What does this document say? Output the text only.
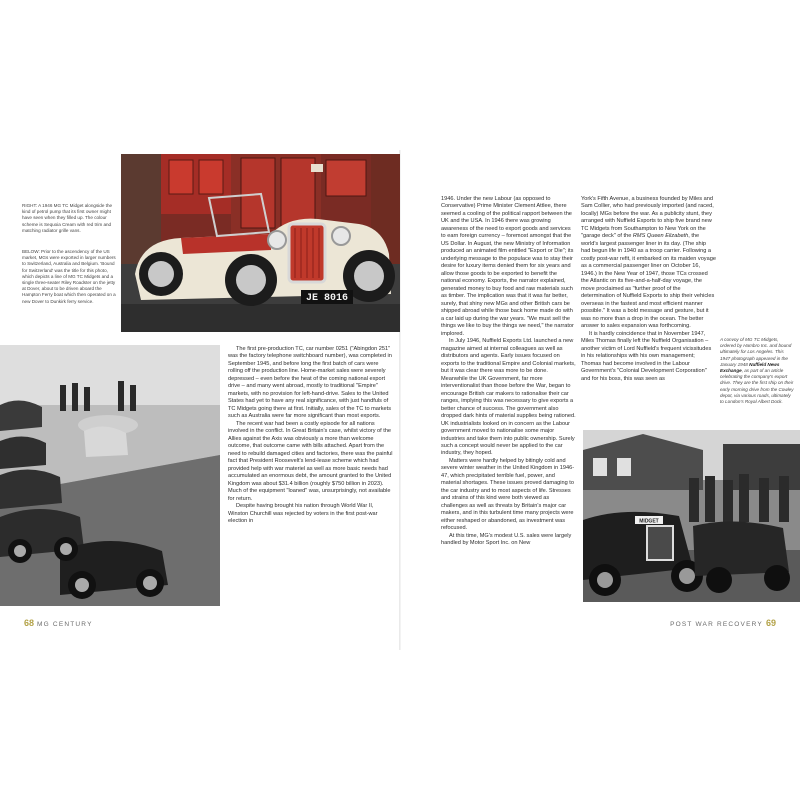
JE 8016
MIDGET
RIGHT: A 1946 MG TC Midget alongside the kind of petrol pump that its first owner might have seen when they filled up. The colour scheme is Sequoia Cream with red trim and matching radiator grille vans.
BELOW: Prior to the ascendency of the US market, MGs were exported in larger numbers to Switzerland, Australia and Belgium. 'Bound for Switzerland' was the title for this photo, which depicts a line of MG TC Midgets and a single three-seater Riley Roadster on the jetty at Dover, about to be driven aboard the Hampton Ferry boat which then operated on a new Dover to Dunkirk ferry service.
A convoy of MG TC Midgets, ordered by Hambro Inc. and bound ultimately for Los Angeles. This 1947 photograph appeared in the January 1948 Nuffield News Exchange, as part of an article celebrating the company's export drive. They are the first ship on their early morning drive from the Cowley depot, via various roads, ultimately to London's Royal Albert Dock.

The first pre-production TC, car number 0251 ("Abingdon 251" was the factory telephone switchboard number), was completed in September 1945, and before long the first batch of cars were rolling off the production line. Home-market sales were severely depressed – even before the heat of the coming national export drive – and many went abroad, mostly to traditional "Empire" markets, with no provision for left-hand-drive. Sales to the United States had yet to have any real significance, with just handfuls of TC Midgets going there at first. Initially, sales of the TC to markets such as Australia were far more significant than most exports.

The recent war had been a costly episode for all nations involved in the conflict. In Great Britain's case, whilst victory of the Allies against the Axis was obviously a more than welcome outcome, that outcome came with bills attached. Apart from the need to rebuild damaged cities and factories, there was the painful fact that President Roosevelt's lend-lease scheme which had provided help with war materiel as well as more basic needs had accumulated an enormous debt, the amount granted to the United Kingdom was about $31.4 billion (roughly $750 billion in 2023). Much of the equipment "loaned" was, unsurprisingly, not available for return.

Despite having brought his nation through World War II, Winston Churchill was rejected by voters in the first post-war election in

1946. Under the new Labour (as opposed to Conservative) Prime Minister Clement Attlee, there seemed a cooling of the political rapport between the UK and the USA. In 1946 there was growing awareness of the need to export goods and services to earn foreign currency – foremost amongst that the US Dollar. In August, the new Ministry of Information produced an animated film entitled "Export or Die"; its underlying message to the populace was to stay their desire for luxury items denied them for six years and allow those goods to be exported to benefit the national economy. Exports, the narrator explained, generated money to buy food and raw materials such as timber. The implication was that it was far better, surely, that shiny new MGs and other British cars be shipped abroad while those back home made do with a car laid up during the war years. "We must sell the things we like to buy the things we need," the narrator implored.

In July 1946, Nuffield Exports Ltd. launched a new magazine aimed at internal colleagues as well as distributors and agents. Early issues focused on exports to the traditional Empire and Colonial markets, but it was clear there was more to be done. Meanwhile the UK Government, far more interventionalist than those before the War, began to encourage British car makers to rationalise their car ranges, implying this was necessary to give exports a better chance of success. The government also dropped dark hints of material supplies being rationed. UK industrialists looked on in concern as the Labour government moved to nationalise some major industries and take them into public ownership. Surely such a concept would never be applied to the car industry, they hoped.

Matters were hardly helped by bitingly cold and severe winter weather in the United Kingdom in 1946-47, which precipitated terrible fuel, power, and material shortages. These issues proved damaging to the car industry and to most aspects of life. Stresses and strains of this kind were both viewed as challenges as well as threats by Britain's major car makers, and in this turbulent time many projects were either reshaped or abandoned, as investment was refocused.

At this time, MG's modest U.S. sales were largely handled by Motor Sport Inc. on New

York's Fifth Avenue, a business founded by Miles and Sam Collier, who had previously imported (and raced, locally) MGs before the war. As a publicity stunt, they arranged with Nuffield Exports to ship five brand new TC Midgets from Southampton to New York on the "garage deck" of the RMS Queen Elizabeth, the world's largest passenger liner in its day. (The ship had begun life in 1940 as a troop carrier. Following a costly post-war refit, it embarked on its maiden voyage as a commercial passenger liner on October 16, 1946.) In the New Year of 1947, those TCs crossed the Atlantic on its five-and-a-half-day voyage, the move proclaimed as "further proof of the determination of Nuffield Exports to ship their vehicles overseas in the fastest and most efficient manner possible." It was a bold message and gesture, but it was no more than a drop in the ocean. The better answer to sales expansion was forthcoming.

It is hardly coincidence that in November 1947, Miles Thomas finally left the Nuffield Organisation – another victim of Lord Nuffield's frequent vicissitudes in his relationships with his own management; Thomas had become involved in the Labour Government's "Colonial Development Corporation" and for his boss, this was seen as

68 MG CENTURY	POST WAR RECOVERY 69
